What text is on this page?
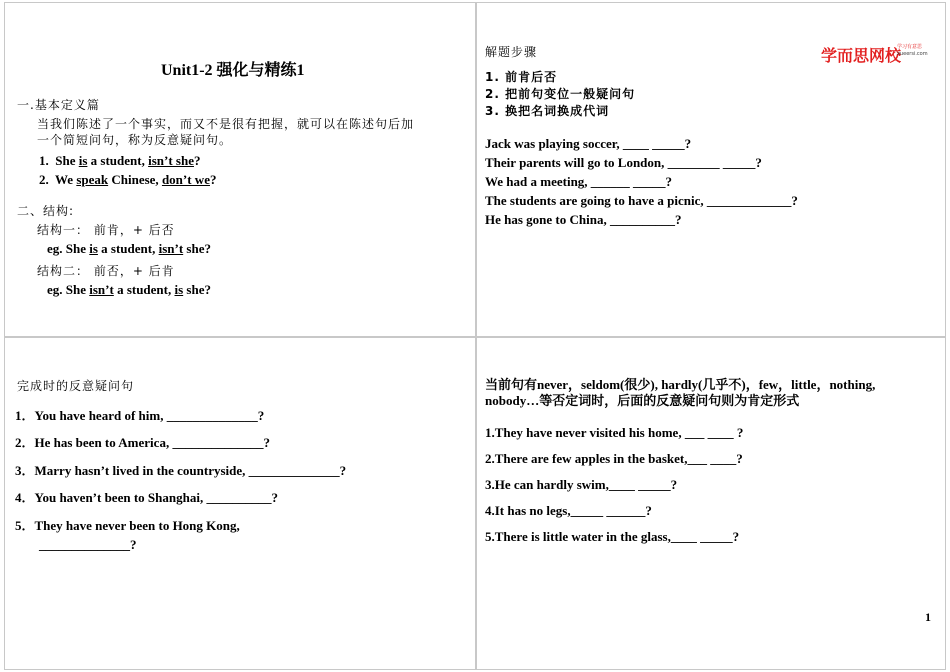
Unit1-2 强化与精练1
一.基本定义篇
当我们陈述了一个事实，而又不是很有把握，就可以在陈述句后加
一个简短问句，称为反意疑问句。
1. She is a student, isn’t she?
2. We speak Chinese, don’t we?
二、结构:
结构一： 前肯，+ 后否
eg. She is a student, isn’t she?
结构二： 前否，+ 后肯
eg. She isn’t a student, is she?
解题步骤	学而思网校
学习有意思
xueersi.com
1. 前肯后否
2. 把前句变位一般疑问句
3. 换把名词换成代词
Jack was playing soccer, ____ _____?
Their parents will go to London, ________ _____?
We had a meeting, ______ _____?
The students are going to have a picnic, _____________?
He has gone to China, __________?
完成时的反意疑问句
1．You have heard of him, ______________?
2．He has been to America, ______________?
3．Marry hasn’t lived in the countryside, ______________?
4．You haven’t been to Shanghai, __________?
5．They have never been to Hong Kong,
______________?
当前句有never，seldom(很少), hardly(几乎不)，few，little，nothing,
nobody…等否定词时，后面的反意疑问句则为肯定形式
1.They have never visited his home, ___ ____ ?
2.There are few apples in the basket,___ ____?
3.He can hardly swim,____ _____?
4.It has no legs,_____ ______?
5.There is little water in the glass,____ _____?
1
